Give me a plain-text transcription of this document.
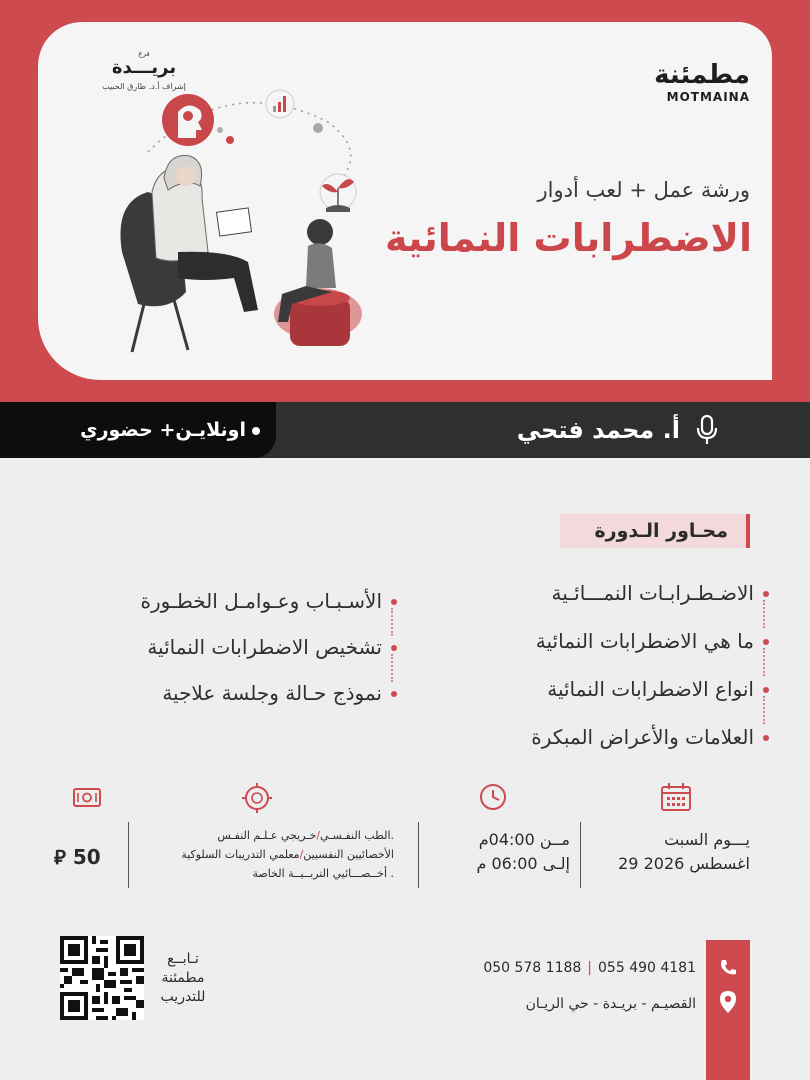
مطمئنة
MOTMAINA
فرع
بريـــدة
إشراف أ.د. طارق الحبيب
ورشة عمل + لعب أدوار
الاضطرابات النمائية
اونلايـن+ حضوري	أ. محمد فتحي
محـاور الـدورة
الاضـطـرابـات النمـــائـية
ما هي الاضطرابات النمائية
انواع الاضطرابات النمائية
العلامات والأعراض المبكرة
الأسـبـاب وعـوامـل الخطـورة
تشخيص الاضطرابات النمائية
نموذج حـالة وجلسة علاجية
يـــوم السبت
29 اغسطس 2026
مــن 04:00م
إلـى 06:00 م
الطب النفـسـي/خـريجي عـلـم النفـس.
الأخصائيين النفسيين/معلمي التدريبات السلوكية
أخــصـــائيي التربــيــة الخاصة .
⃁ 50
050 578 1188 | 055 490 4181
القصيـم - بريـدة - حي الريـان
تـابــع
مطمئنة
للتدريب
